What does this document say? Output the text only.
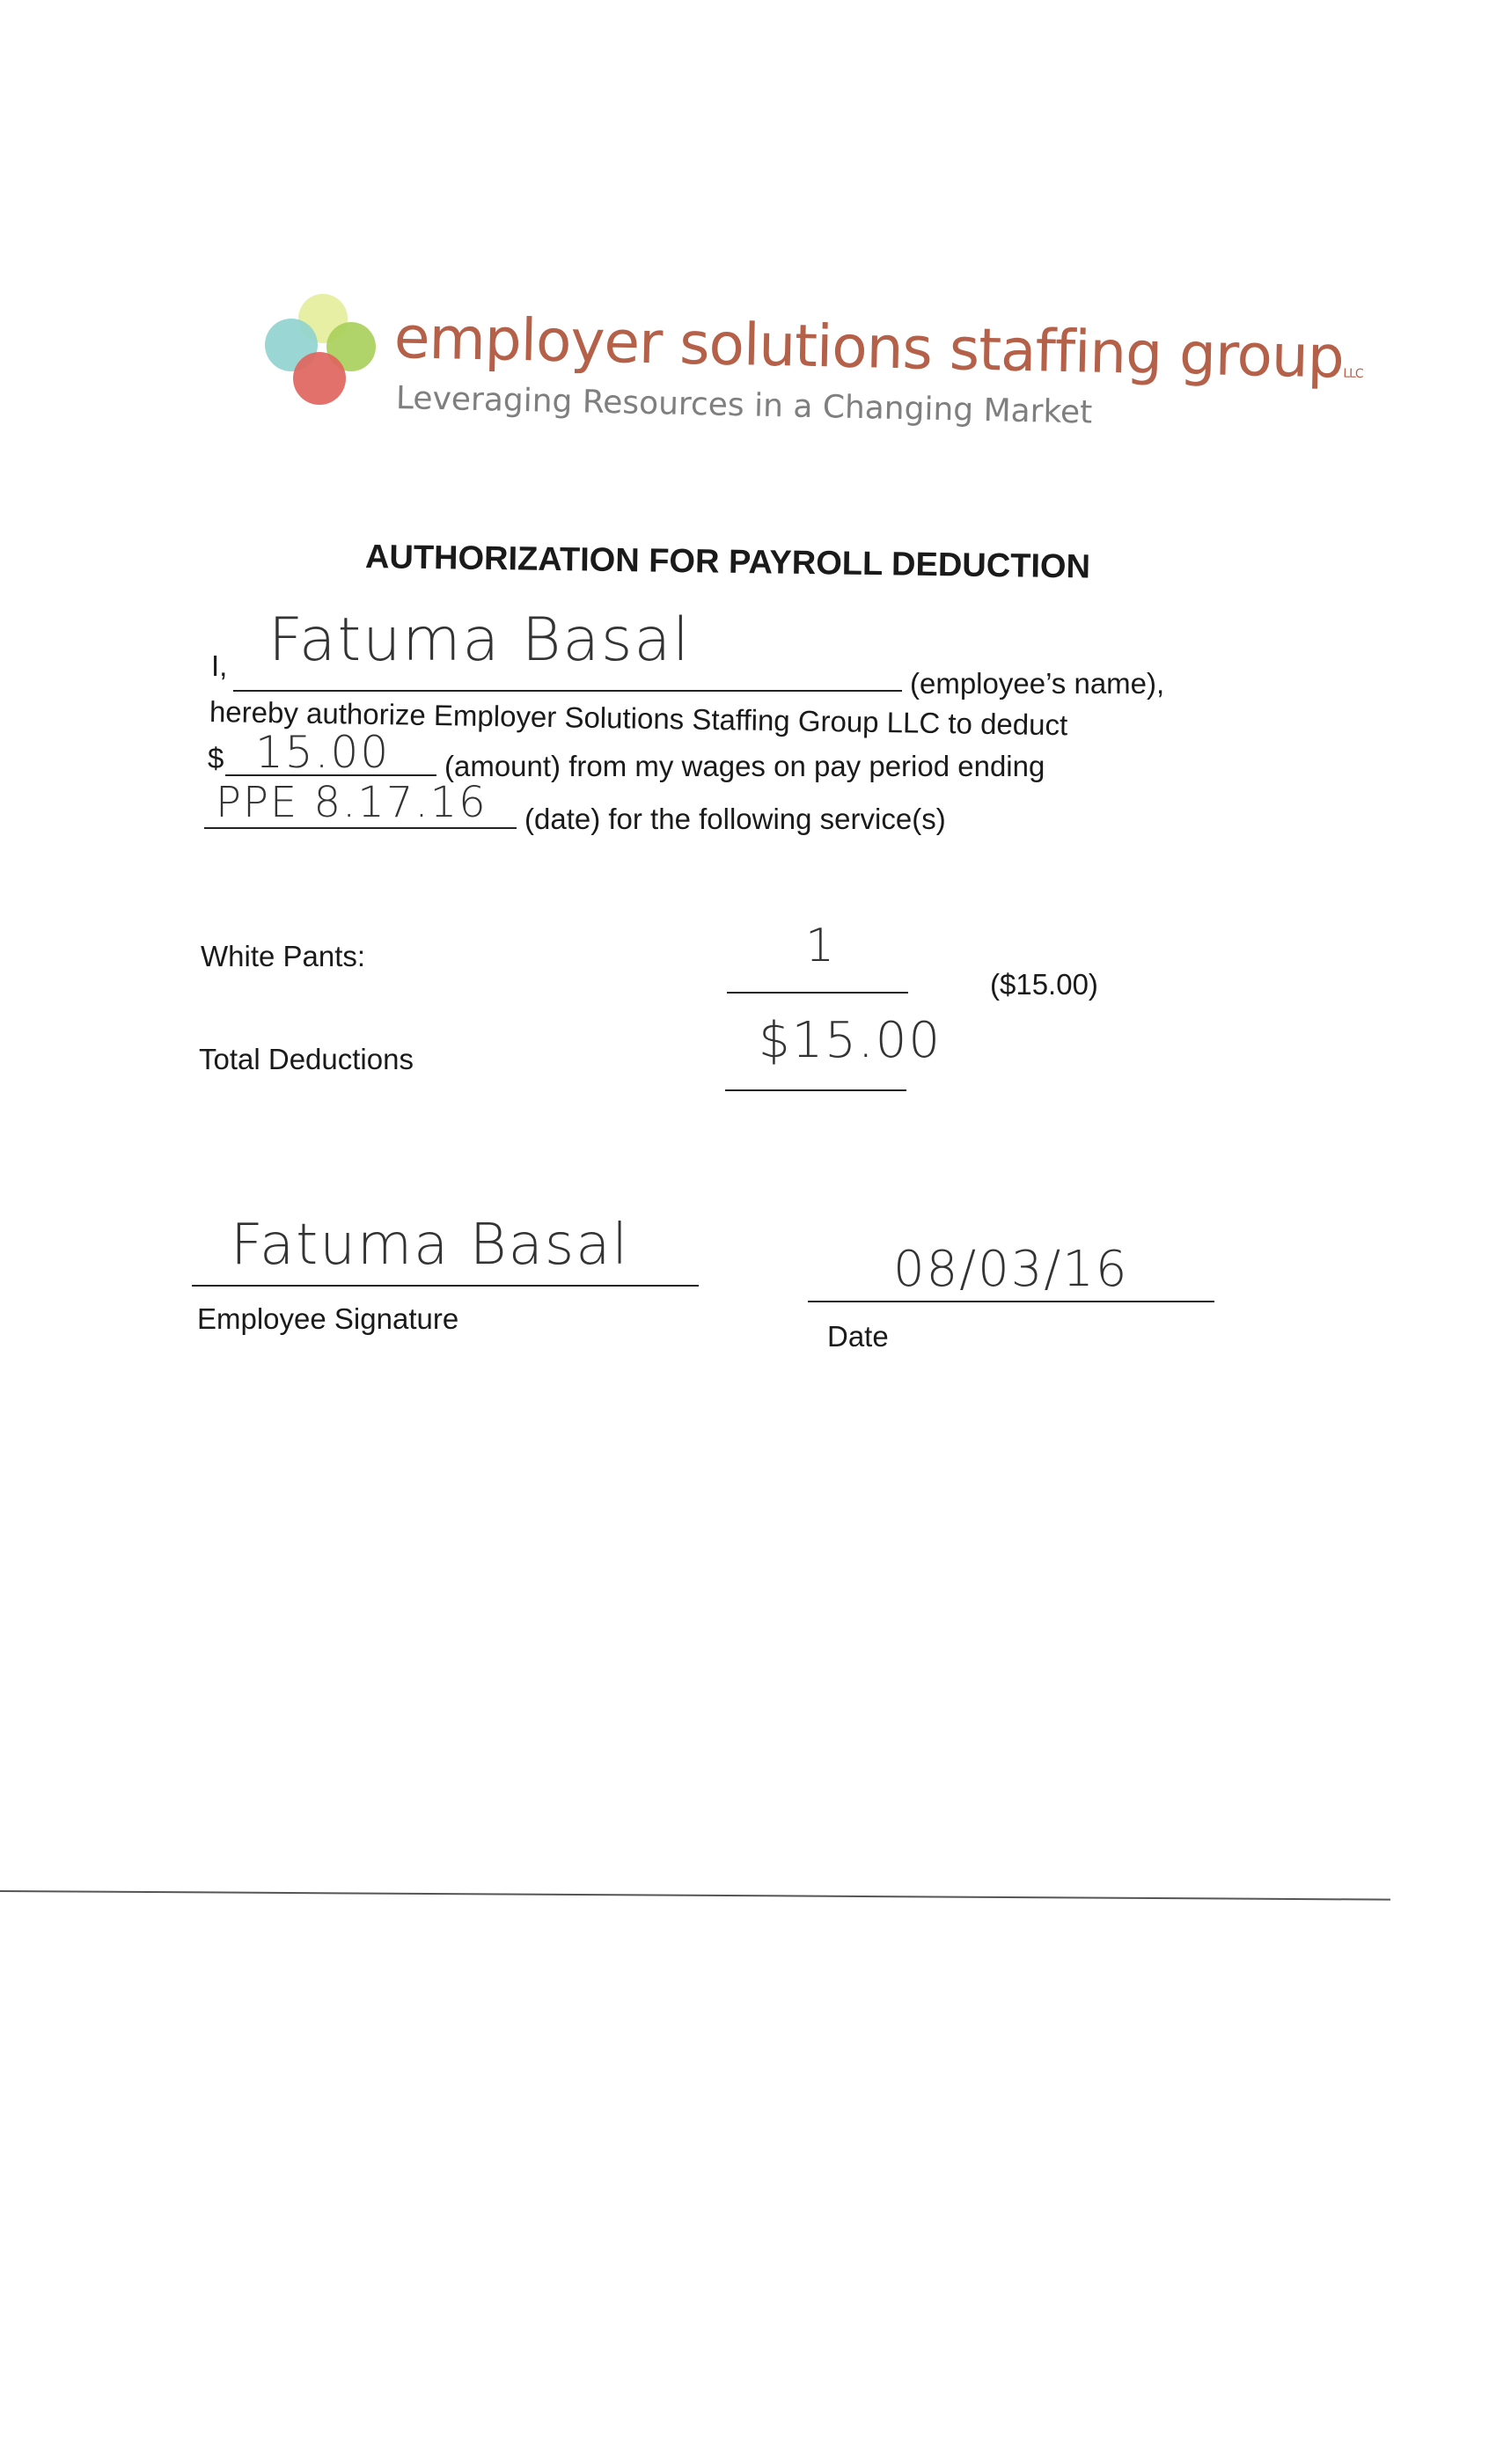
employer solutions staffing groupLLC
Leveraging Resources in a Changing Market
AUTHORIZATION FOR PAYROLL DEDUCTION
I, Fatuma Basal
(employee’s name),
hereby authorize Employer Solutions Staffing Group LLC to deduct
$ 15.00 (amount) from my wages on pay period ending
PPE 8.17.16 (date) for the following service(s)
White Pants:	1
($15.00)
Total Deductions	$15.00
Fatuma Basal
Employee Signature
08/03/16
Date
